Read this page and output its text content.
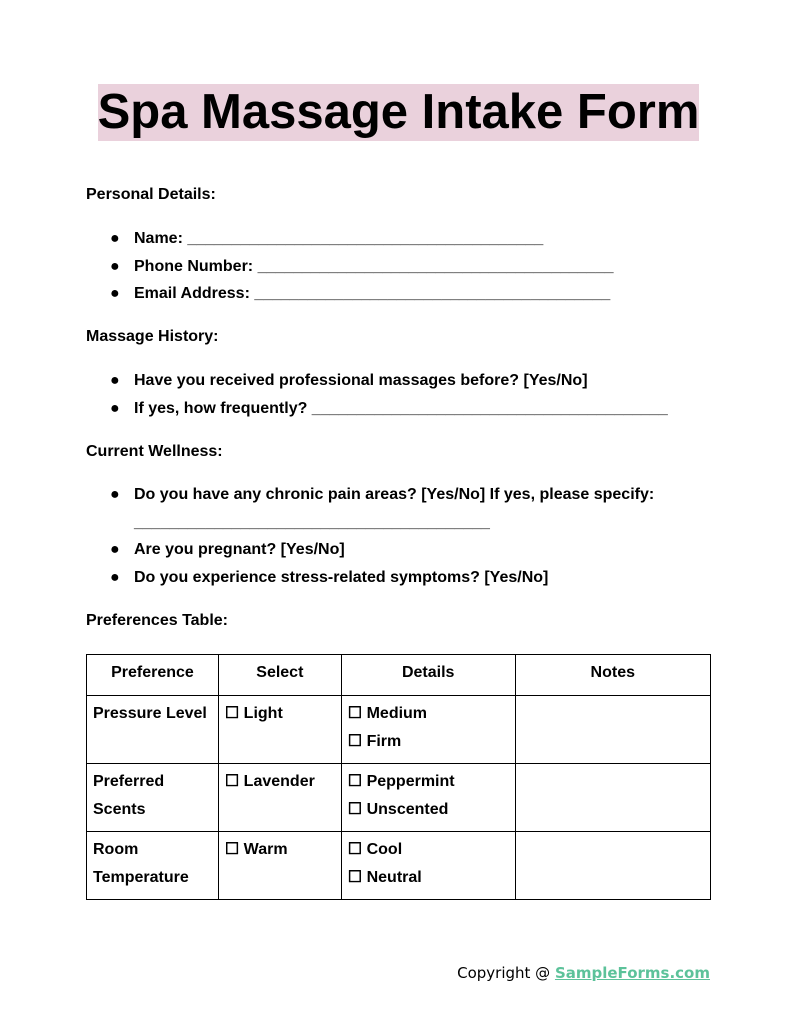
Spa Massage Intake Form
Personal Details:
● Name: ________________________________________
● Phone Number: ________________________________________
● Email Address: ________________________________________
Massage History:
● Have you received professional massages before? [Yes/No]
● If yes, how frequently? ________________________________________
Current Wellness:
● Do you have any chronic pain areas? [Yes/No] If yes, please specify: ________________________________________
● Are you pregnant? [Yes/No]
● Do you experience stress-related symptoms? [Yes/No]
Preferences Table:
Preference	Select	Details	Notes
Pressure Level	☐ Light	☐ Medium
☐ Firm	

Preferred Scents	☐ Lavender	☐ Peppermint
☐ Unscented	

Room Temperature	☐ Warm	☐ Cool
☐ Neutral	

Copyright @ SampleForms.com
